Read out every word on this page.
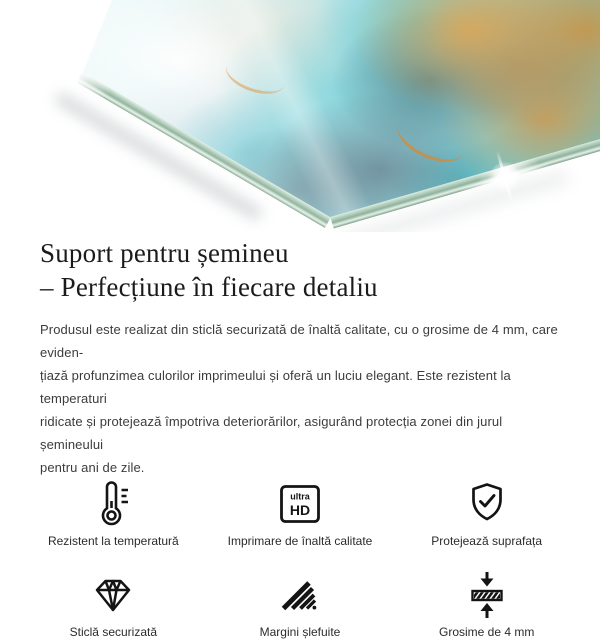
Suport pentru șemineu
– Perfecțiune în fiecare detaliu

Produsul este realizat din sticlă securizată de înaltă calitate, cu o grosime de 4 mm, care eviden-
țiază profunzimea culorilor imprimeului și oferă un luciu elegant. Este rezistent la temperaturi
ridicate și protejează împotriva deteriorărilor, asigurând protecția zonei din jurul șemineului
pentru ani de zile.

Rezistent la temperatură
ultra
HD
Imprimare de înaltă calitate	Protejează suprafața
Sticlă securizată	Margini șlefuite	Grosime de 4 mm
